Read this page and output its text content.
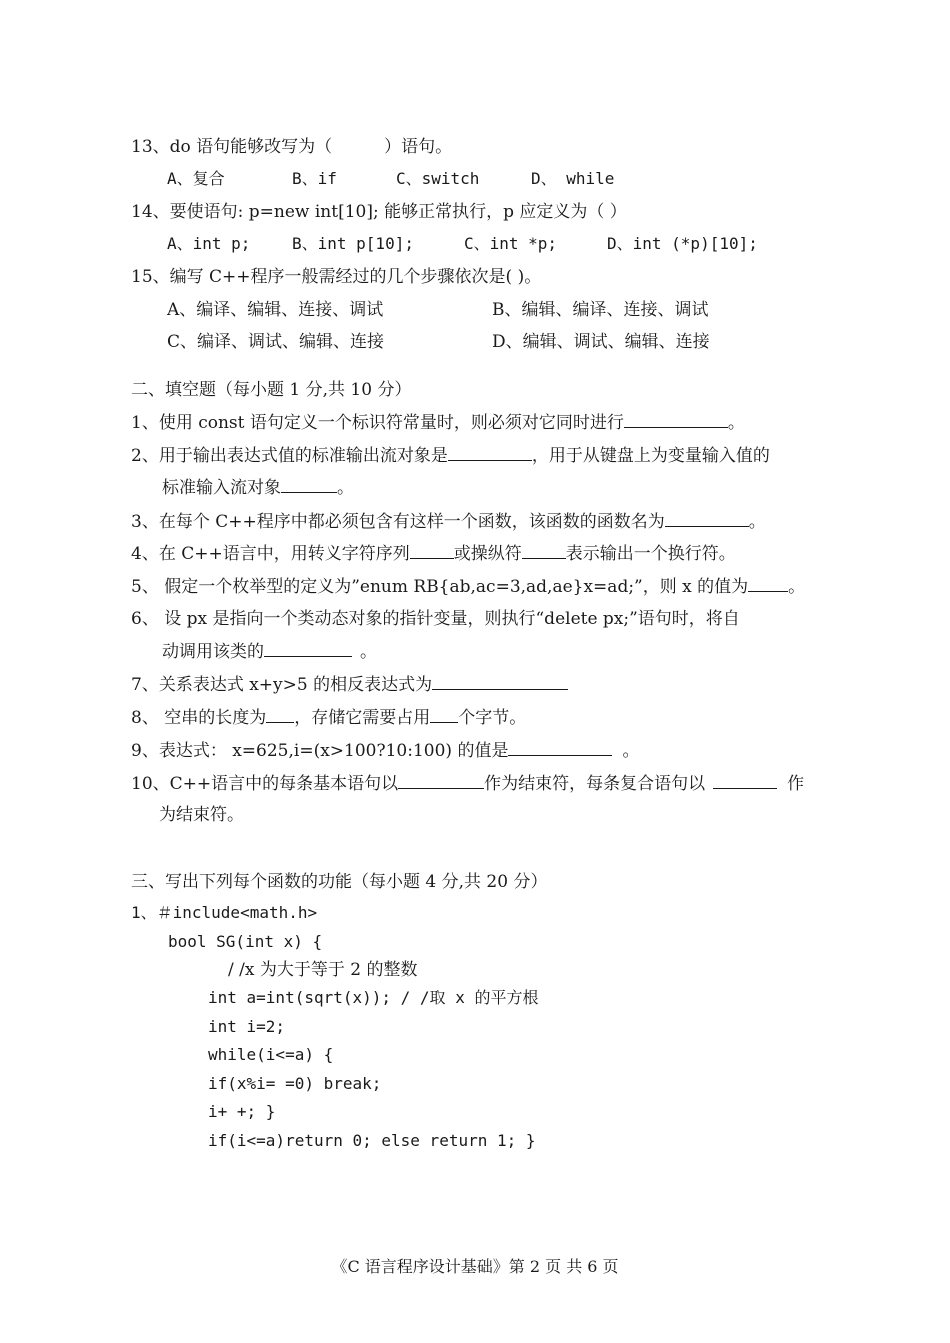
13、do 语句能够改写为（	）语句。
A、复合	B、if	C、switch	D、 while
14、要使语句: p=new int[10]; 能够正常执行，p 应定义为（ ）
A、int p;	B、int p[10];	C、int *p;	D、int (*p)[10];
15、编写 C++程序一般需经过的几个步骤依次是( )。
A、编译、编辑、连接、调试	B、编辑、编译、连接、调试
C、编译、调试、编辑、连接	D、编辑、调试、编辑、连接
二、填空题（每小题 1 分,共 10 分）
1、使用 const 语句定义一个标识符常量时，则必须对它同时进行	。
2、用于输出表达式值的标准输出流对象是	，用于从键盘上为变量输入值的
标准输入流对象	。
3、在每个 C++程序中都必须包含有这样一个函数，该函数的函数名为	。
4、在 C++语言中，用转义字符序列	或操纵符	表示输出一个换行符。
5、 假定一个枚举型的定义为”enum RB{ab,ac=3,ad,ae}x=ad;”，则 x 的值为 。
6、 设 px 是指向一个类动态对象的指针变量，则执行“delete px;”语句时，将自
动调用该类的	。
7、关系表达式 x+y>5 的相反表达式为
8、 空串的长度为 ，存储它需要占用 个字节。
9、表达式： x=625,i=(x>100?10:100) 的值是	。
10、C++语言中的每条基本语句以	作为结束符，每条复合语句以	作
为结束符。
三、写出下列每个函数的功能（每小题 4 分,共 20 分）
1、＃include<math.h>
bool SG(int x) {
/ /x 为大于等于 2 的整数
int a=int(sqrt(x)); / /取 x 的平方根
int i=2;
while(i<=a) {
if(x%i= =0) break;
i+ +; }
if(i<=a)return 0; else return 1; }
《C 语言程序设计基础》第 2 页 共 6 页
